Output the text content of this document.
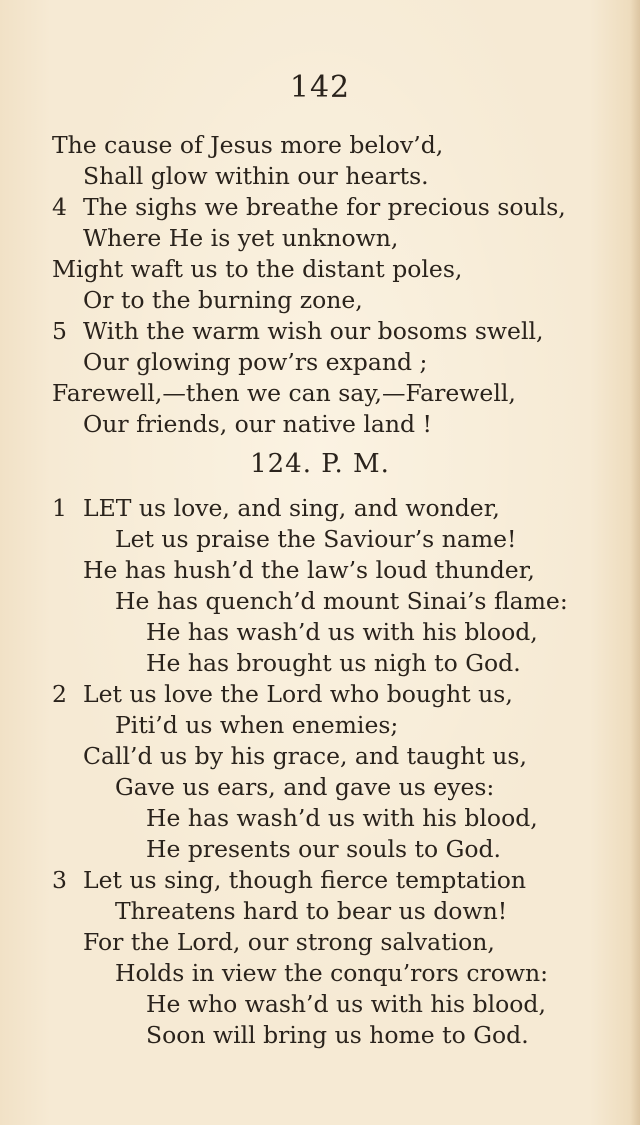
142
The cause of Jesus more belov’d,
Shall glow within our hearts.
4 The sighs we breathe for precious souls,
Where He is yet unknown,
Might waft us to the distant poles,
Or to the burning zone,
5 With the warm wish our bosoms swell,
Our glowing pow’rs expand ;
Farewell,—then we can say,—Farewell,
Our friends, our native land !
124. P. M.
1 LET us love, and sing, and wonder,
Let us praise the Saviour’s name!
He has hush’d the law’s loud thunder,
He has quench’d mount Sinai’s flame:
He has wash’d us with his blood,
He has brought us nigh to God.
2 Let us love the Lord who bought us,
Piti’d us when enemies;
Call’d us by his grace, and taught us,
Gave us ears, and gave us eyes:
He has wash’d us with his blood,
He presents our souls to God.
3 Let us sing, though fierce temptation
Threatens hard to bear us down!
For the Lord, our strong salvation,
Holds in view the conqu’rors crown:
He who wash’d us with his blood,
Soon will bring us home to God.
